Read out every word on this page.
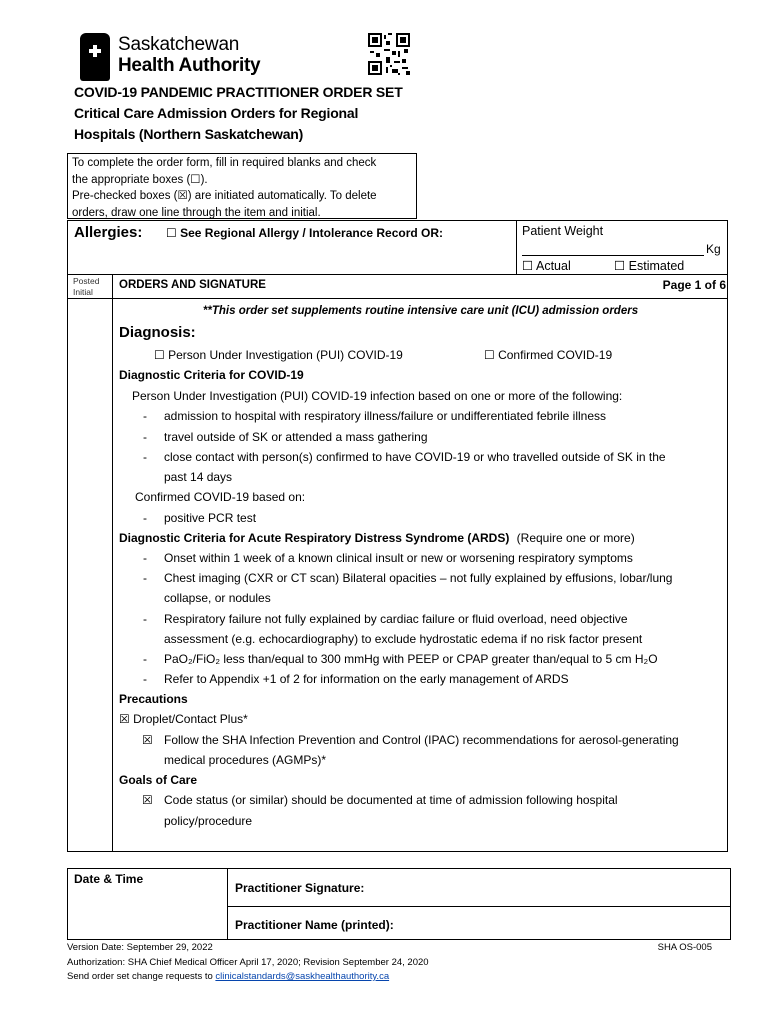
Saskatchewan
Health Authority
COVID-19 PANDEMIC PRACTITIONER ORDER SET
Critical Care Admission Orders for Regional
Hospitals (Northern Saskatchewan)
To complete the order form, fill in required blanks and check
the appropriate boxes (☐).
Pre-checked boxes (☒) are initiated automatically. To delete
orders, draw one line through the item and initial.
Allergies: ☐ See Regional Allergy / Intolerance Record OR:	Patient Weight
Kg
☐ Actual	☐ Estimated
Posted
Initial
ORDERS AND SIGNATURE	Page 1 of 6
**This order set supplements routine intensive care unit (ICU) admission orders
Diagnosis:
☐ Person Under Investigation (PUI) COVID-19	☐ Confirmed COVID-19
Diagnostic Criteria for COVID-19
Person Under Investigation (PUI) COVID-19 infection based on one or more of the following:
- admission to hospital with respiratory illness/failure or undifferentiated febrile illness
- travel outside of SK or attended a mass gathering
- close contact with person(s) confirmed to have COVID-19 or who travelled outside of SK in the
past 14 days
Confirmed COVID-19 based on:
- positive PCR test
Diagnostic Criteria for Acute Respiratory Distress Syndrome (ARDS) (Require one or more)
- Onset within 1 week of a known clinical insult or new or worsening respiratory symptoms
- Chest imaging (CXR or CT scan) Bilateral opacities – not fully explained by effusions, lobar/lung
collapse, or nodules
- Respiratory failure not fully explained by cardiac failure or fluid overload, need objective
assessment (e.g. echocardiography) to exclude hydrostatic edema if no risk factor present
- PaO₂/FiO₂ less than/equal to 300 mmHg with PEEP or CPAP greater than/equal to 5 cm H₂O
- Refer to Appendix +1 of 2 for information on the early management of ARDS
Precautions
☒ Droplet/Contact Plus*
☒ Follow the SHA Infection Prevention and Control (IPAC) recommendations for aerosol-generating
medical procedures (AGMPs)*
Goals of Care
☒ Code status (or similar) should be documented at time of admission following hospital
policy/procedure
Date & Time
Practitioner Signature:
Practitioner Name (printed):
Version Date: September 29, 2022	SHA OS-005
Authorization: SHA Chief Medical Officer April 17, 2020; Revision September 24, 2020
Send order set change requests to clinicalstandards@saskhealthauthority.ca
